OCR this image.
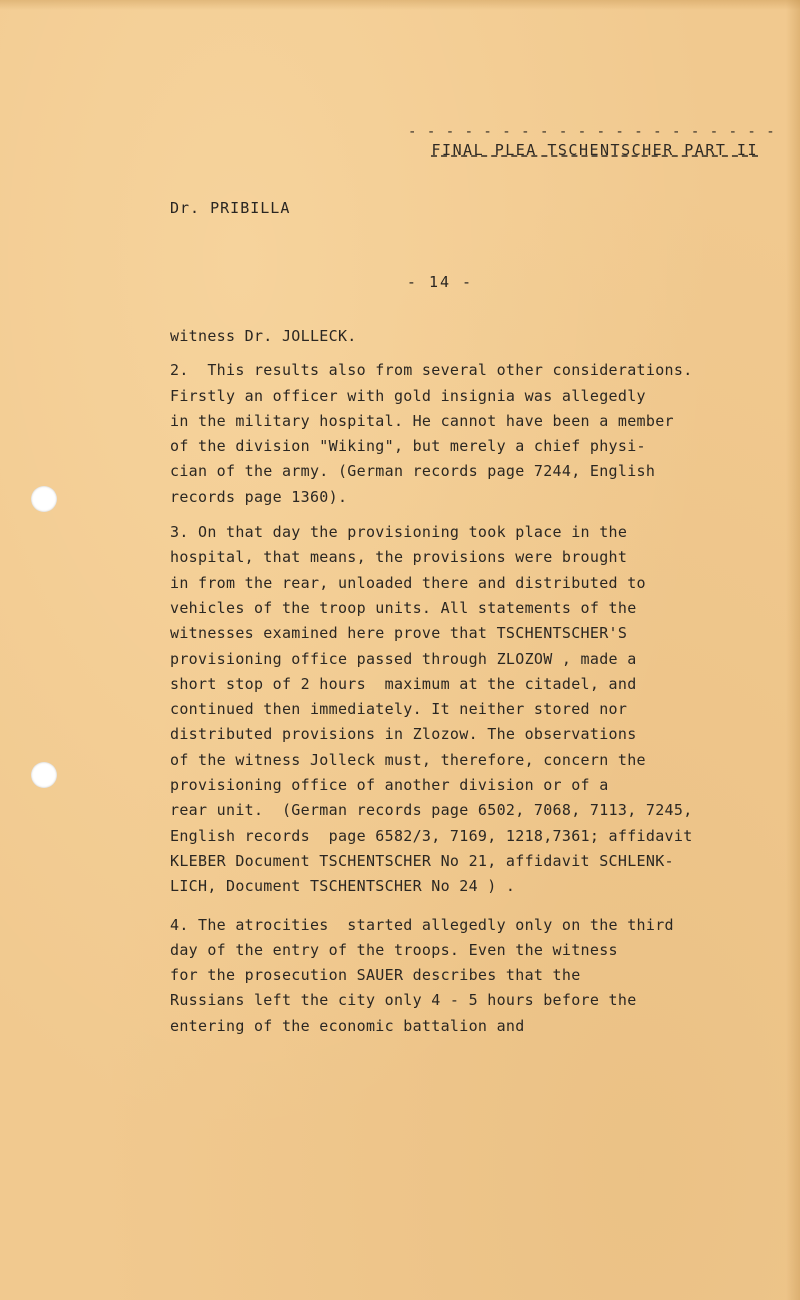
- - - - - - - - - - - - - - - - - - - -
FINAL PLEA TSCHENTSCHER PART II
Dr. PRIBILLA
- 14 -

witness Dr. JOLLECK.

2.  This results also from several other considerations.

Firstly an officer with gold insignia was allegedly

in the military hospital. He cannot have been a member

of the division "Wiking", but merely a chief physi-

cian of the army. (German records page 7244, English

records page 1360).

3. On that day the provisioning took place in the

hospital, that means, the provisions were brought

in from the rear, unloaded there and distributed to

vehicles of the troop units. All statements of the

witnesses examined here prove that TSCHENTSCHER'S

provisioning office passed through ZLOZOW , made a

short stop of 2 hours  maximum at the citadel, and

continued then immediately. It neither stored nor

distributed provisions in Zlozow. The observations

of the witness Jolleck must, therefore, concern the

provisioning office of another division or of a

rear unit.  (German records page 6502, 7068, 7113, 7245,

English records  page 6582/3, 7169, 1218,7361; affidavit

KLEBER Document TSCHENTSCHER No 21, affidavit SCHLENK-

LICH, Document TSCHENTSCHER No 24 ) .

4. The atrocities  started allegedly only on the third

day of the entry of the troops. Even the witness

for the prosecution SAUER describes that the

Russians left the city only 4 - 5 hours before the

entering of the economic battalion and
